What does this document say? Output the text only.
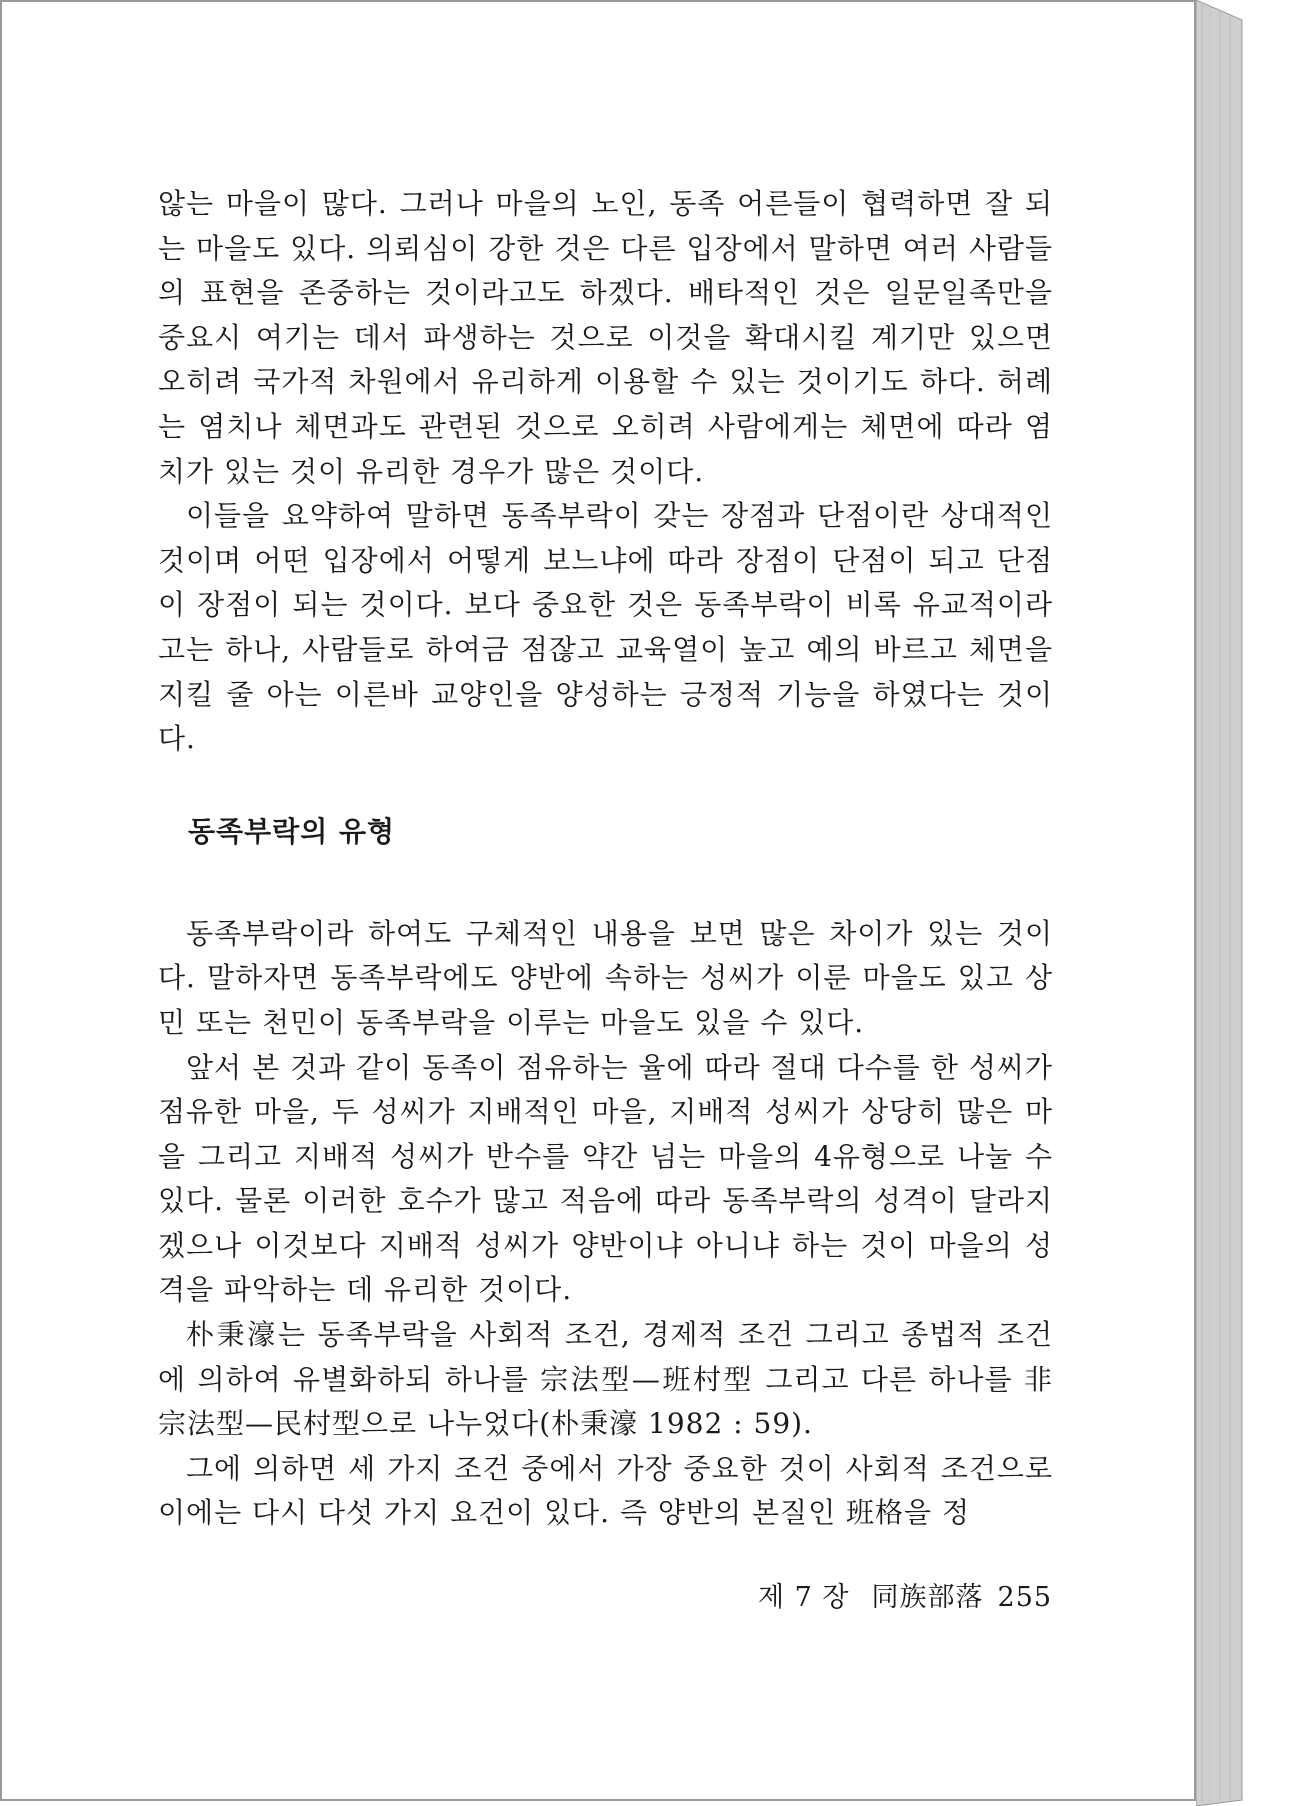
않는 마을이 많다. 그러나 마을의 노인, 동족 어른들이 협력하면 잘 되는 마을도 있다. 의뢰심이 강한 것은 다른 입장에서 말하면 여러 사람들의 표현을 존중하는 것이라고도 하겠다. 배타적인 것은 일문일족만을 중요시 여기는 데서 파생하는 것으로 이것을 확대시킬 계기만 있으면 오히려 국가적 차원에서 유리하게 이용할 수 있는 것이기도 하다. 허례는 염치나 체면과도 관련된 것으로 오히려 사람에게는 체면에 따라 염치가 있는 것이 유리한 경우가 많은 것이다.

이들을 요약하여 말하면 동족부락이 갖는 장점과 단점이란 상대적인 것이며 어떤 입장에서 어떻게 보느냐에 따라 장점이 단점이 되고 단점이 장점이 되는 것이다. 보다 중요한 것은 동족부락이 비록 유교적이라고는 하나, 사람들로 하여금 점잖고 교육열이 높고 예의 바르고 체면을 지킬 줄 아는 이른바 교양인을 양성하는 긍정적 기능을 하였다는 것이다.

동족부락의 유형

동족부락이라 하여도 구체적인 내용을 보면 많은 차이가 있는 것이다. 말하자면 동족부락에도 양반에 속하는 성씨가 이룬 마을도 있고 상민 또는 천민이 동족부락을 이루는 마을도 있을 수 있다.

앞서 본 것과 같이 동족이 점유하는 율에 따라 절대 다수를 한 성씨가 점유한 마을, 두 성씨가 지배적인 마을, 지배적 성씨가 상당히 많은 마을 그리고 지배적 성씨가 반수를 약간 넘는 마을의 4유형으로 나눌 수 있다. 물론 이러한 호수가 많고 적음에 따라 동족부락의 성격이 달라지겠으나 이것보다 지배적 성씨가 양반이냐 아니냐 하는 것이 마을의 성격을 파악하는 데 유리한 것이다.

朴秉濠는 동족부락을 사회적 조건, 경제적 조건 그리고 종법적 조건에 의하여 유별화하되 하나를 宗法型—班村型 그리고 다른 하나를 非宗法型—民村型으로 나누었다(朴秉濠 1982 : 59).

그에 의하면 세 가지 조건 중에서 가장 중요한 것이 사회적 조건으로 이에는 다시 다섯 가지 요건이 있다. 즉 양반의 본질인 班格을 정

제 7 장 同族部落 255
